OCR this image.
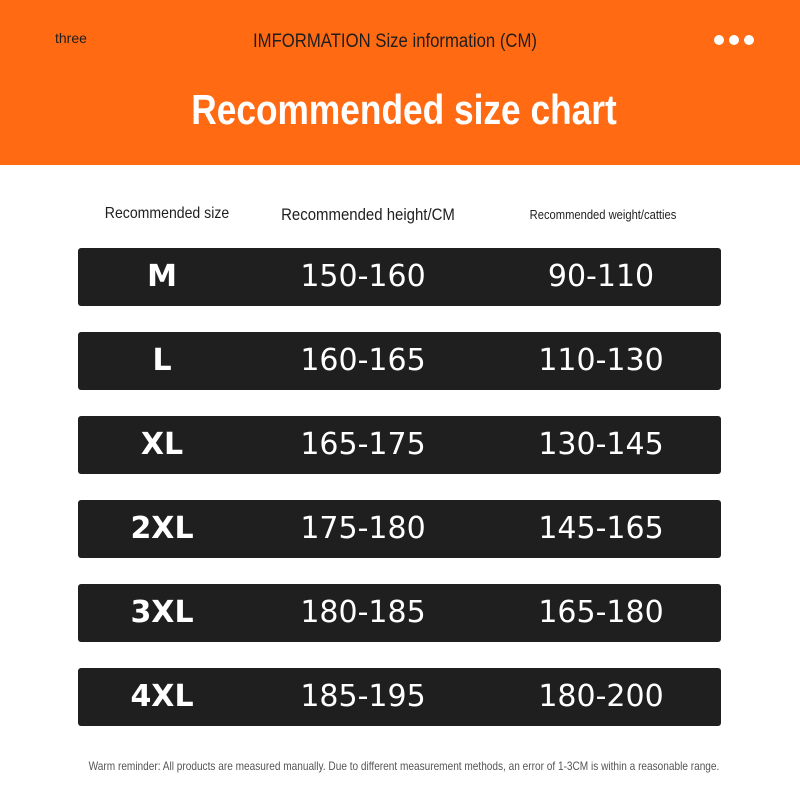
three	IMFORMATION Size information (CM)
Recommended size chart
Recommended size	Recommended height/CM	Recommended weight/catties
M	150-160	90-110
L	160-165	110-130
XL	165-175	130-145
2XL	175-180	145-165
3XL	180-185	165-180
4XL	185-195	180-200
Warm reminder: All products are measured manually. Due to different measurement methods, an error of 1-3CM is within a reasonable range.
